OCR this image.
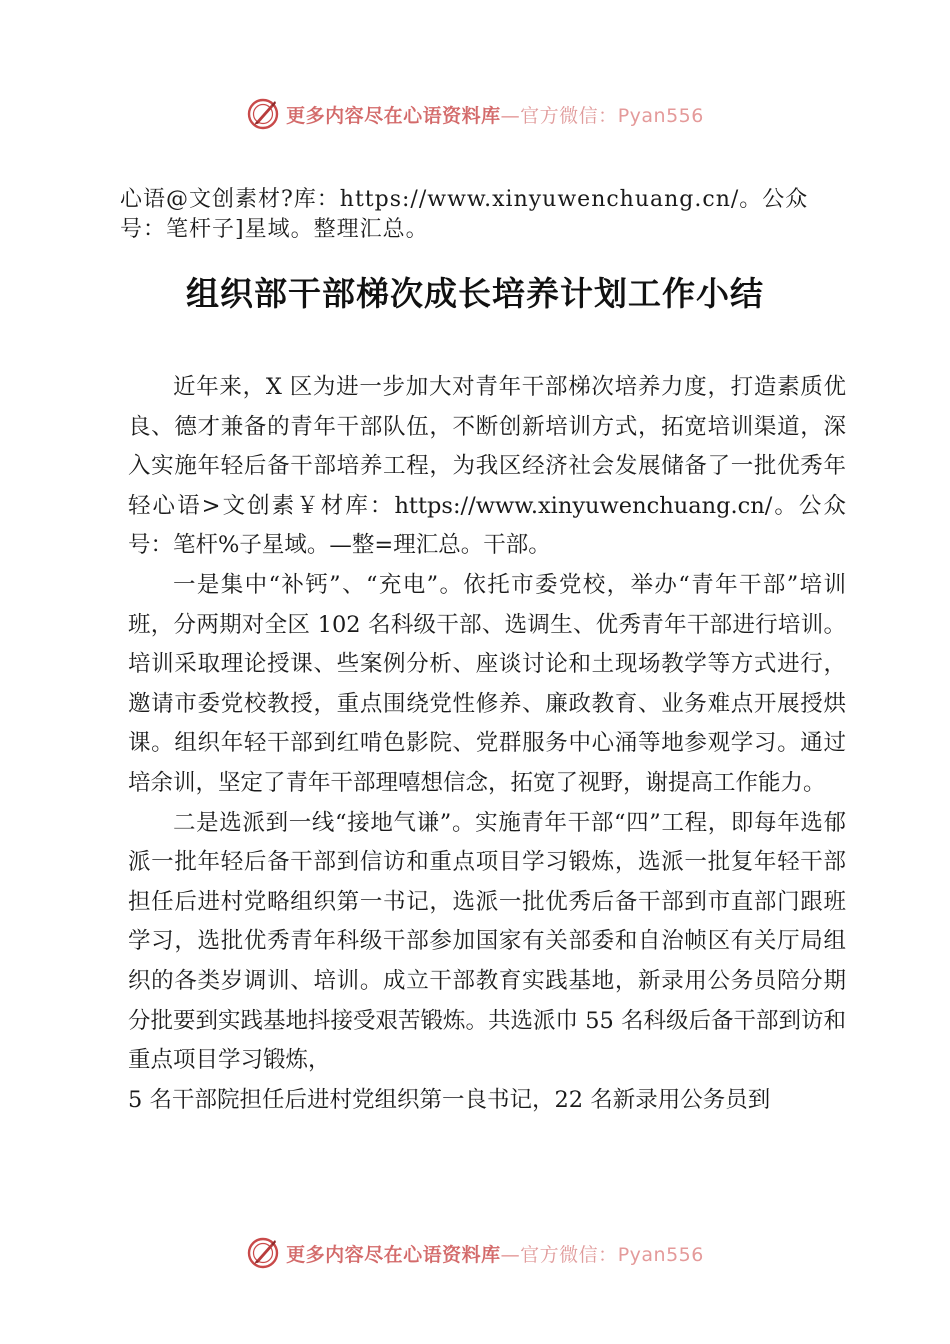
更多内容尽在心语资料库—官方微信：Pyan556
心语@文创素材?库：https://www.xinyuwenchuang.cn/。公众号：笔杆子]星域。整理汇总。
组织部干部梯次成长培养计划工作小结

近年来，X 区为进一步加大对青年干部梯次培养力度，打造素质优良、德才兼备的青年干部队伍，不断创新培训方式，拓宽培训渠道，深入实施年轻后备干部培养工程，为我区经济社会发展储备了一批优秀年轻心语>文创素￥材库：https://www.xinyuwenchuang.cn/。公众号：笔杆%子星域。—整=理汇总。干部。

一是集中“补钙”、“充电”。依托市委党校，举办“青年干部”培训班，分两期对全区 102 名科级干部、选调生、优秀青年干部进行培训。培训采取理论授课、些案例分析、座谈讨论和土现场教学等方式进行，邀请市委党校教授，重点围绕党性修养、廉政教育、业务难点开展授烘课。组织年轻干部到红啃色影院、党群服务中心涌等地参观学习。通过培余训，坚定了青年干部理嘻想信念，拓宽了视野，谢提高工作能力。

二是选派到一线“接地气谦”。实施青年干部“四”工程，即每年选郁派一批年轻后备干部到信访和重点项目学习锻炼，选派一批复年轻干部担任后进村党略组织第一书记，选派一批优秀后备干部到市直部门跟班学习，选批优秀青年科级干部参加国家有关部委和自治帧区有关厅局组织的各类岁调训、培训。成立干部教育实践基地，新录用公务员陪分期分批要到实践基地抖接受艰苦锻炼。共选派巾 55 名科级后备干部到访和重点项目学习锻炼，

5 名干部院担任后进村党组织第一良书记，22 名新录用公务员到

更多内容尽在心语资料库—官方微信：Pyan556
